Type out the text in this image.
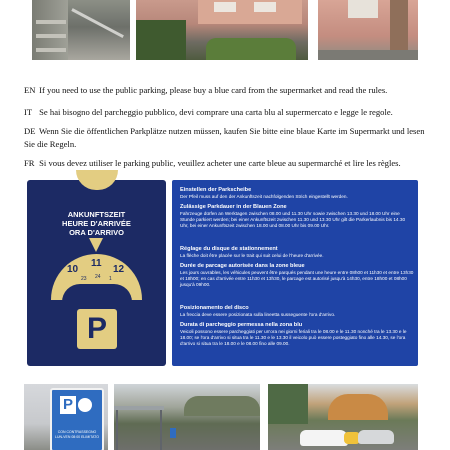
EN If you need to use the public parking, please buy a blue card from the supermarket and read the rules.
IT Se hai bisogno del parcheggio pubblico, devi comprare una carta blu al supermercato e legge le regole.
DE Wenn Sie die öffentlichen Parkplätze nutzen müssen, kaufen Sie bitte eine blaue Karte im Supermarkt und lesen Sie die Regeln.
FR Si vous devez utiliser le parking public, veuillez acheter une carte bleue au supermarché et lire les règles.
ANKUNFTSZEIT
HEURE D'ARRIVÉE
ORA D'ARRIVO
10
11
12
23 24 1
P
Einstellen der Parkscheibe
Der Pfeil muss auf den der Ankunftszeit nachfolgenden Strich eingestellt werden.
Zulässige Parkdauer in der Blauen Zone
Fahrzeuge dürfen an Werktagen zwischen 08.00 und 11.30 Uhr sowie zwischen 13.30 und 18.00 Uhr eine Stunde parkiert werden; bei einer Ankunftszeit zwischen 11.30 und 13.30 Uhr gilt die Parkerlaubnis bis 14.30 Uhr, bei einer Ankunftszeit zwischen 18.00 und 08.00 Uhr bis 09.00 Uhr.
Réglage du disque de stationnement
La flèche doit être placée sur le trait qui suit celui de l'heure d'arrivée.
Durée de parcage autorisée dans la zone bleue
Les jours ouvrables, les véhicules peuvent être parqués pendant une heure entre 08h00 et 11h30 et entre 13h30 et 18h00; en cas d'arrivée entre 11h30 et 13h30, le parcage est autorisé jusqu'à 14h30, entre 18h00 et 08h00 jusqu'à 09h00.
Posizionamento del disco
La freccia deve essere posizionata sulla lineetta susseguente l'ora d'arrivo.
Durata di parcheggio permessa nella zona blu
Veicoli possono essere parcheggiati per un'ora nei giorni feriali tra le 08.00 e le 11.30 nonché tra le 13.30 e le 18.00; se l'ora d'arrivo si situa tra le 11.30 e le 13.30 il veicolo può essere posteggiato fino alle 14.30, se l'ora d'arrivo si situa tra le 18.00 e le 08.00 fino alle 09.00.
P
CON CONTRASSEGNO LUN-VEN 08:00 ELIMITATO
